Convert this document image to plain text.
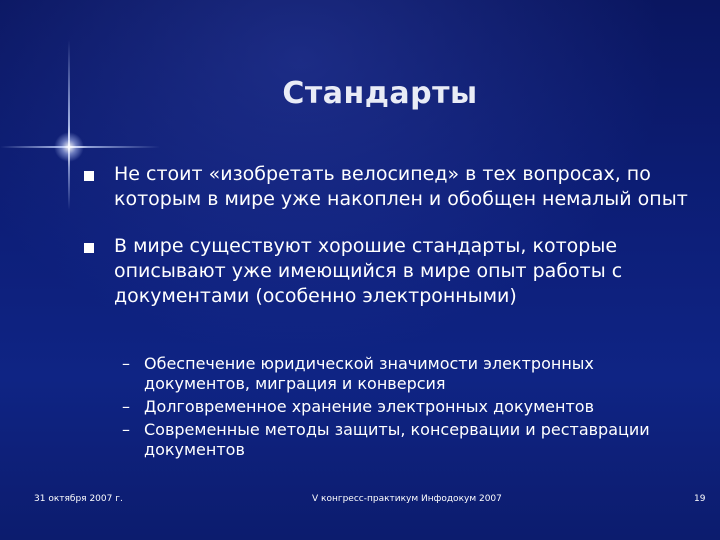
Стандарты
Не стоит «изобретать велосипед» в тех вопросах, по которым в мире уже накоплен и обобщен немалый опыт
В мире существуют хорошие стандарты, которые описывают уже имеющийся в мире опыт работы с документами (особенно электронными)
– Обеспечение юридической значимости электронных документов, миграция и конверсия
– Долговременное хранение электронных документов
– Современные методы защиты, консервации и реставрации документов
31 октября 2007 г.	V конгресс-практикум Инфодокум 2007	19
